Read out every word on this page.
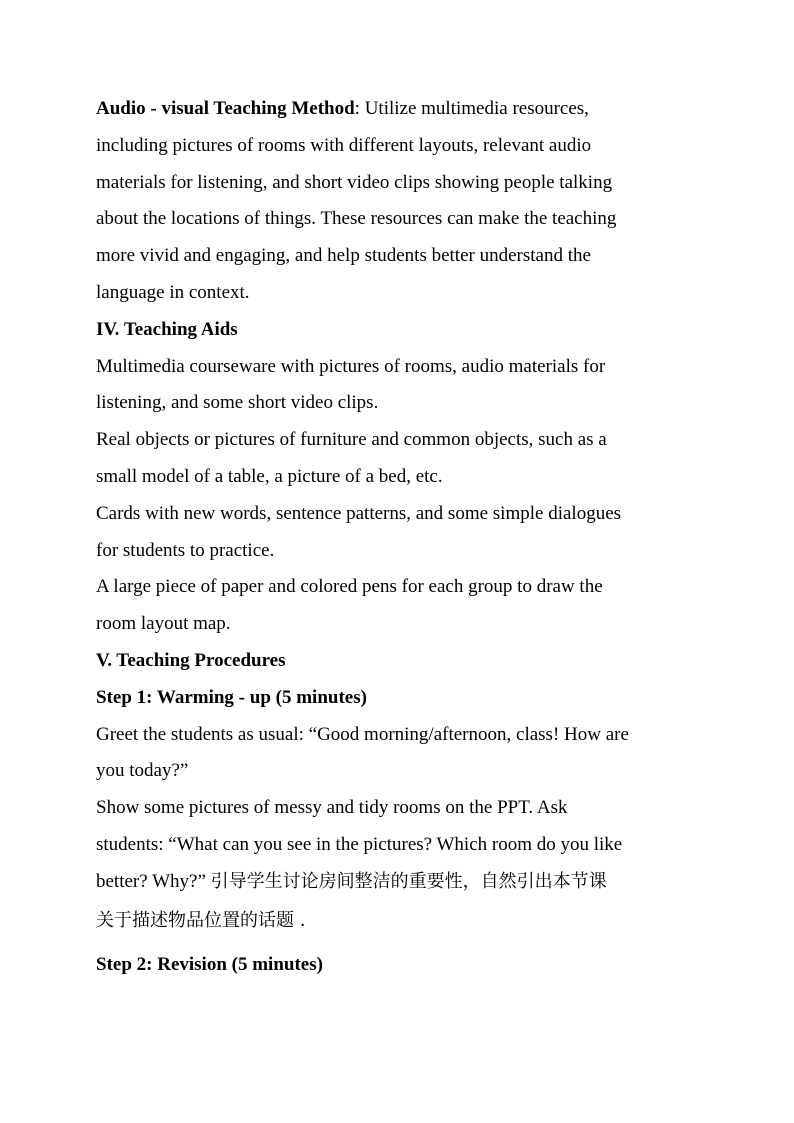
Audio - visual Teaching Method: Utilize multimedia resources,
including pictures of rooms with different layouts, relevant audio
materials for listening, and short video clips showing people talking
about the locations of things. These resources can make the teaching
more vivid and engaging, and help students better understand the
language in context.
IV. Teaching Aids
Multimedia courseware with pictures of rooms, audio materials for
listening, and some short video clips.
Real objects or pictures of furniture and common objects, such as a
small model of a table, a picture of a bed, etc.
Cards with new words, sentence patterns, and some simple dialogues
for students to practice.
A large piece of paper and colored pens for each group to draw the
room layout map.
V. Teaching Procedures
Step 1: Warming - up (5 minutes)
Greet the students as usual: “Good morning/afternoon, class! How are
you today?”
Show some pictures of messy and tidy rooms on the PPT. Ask
students: “What can you see in the pictures? Which room do you like
better? Why?” 引导学生讨论房间整洁的重要性，自然引出本节课
关于描述物品位置的话题 .
Step 2: Revision (5 minutes)
